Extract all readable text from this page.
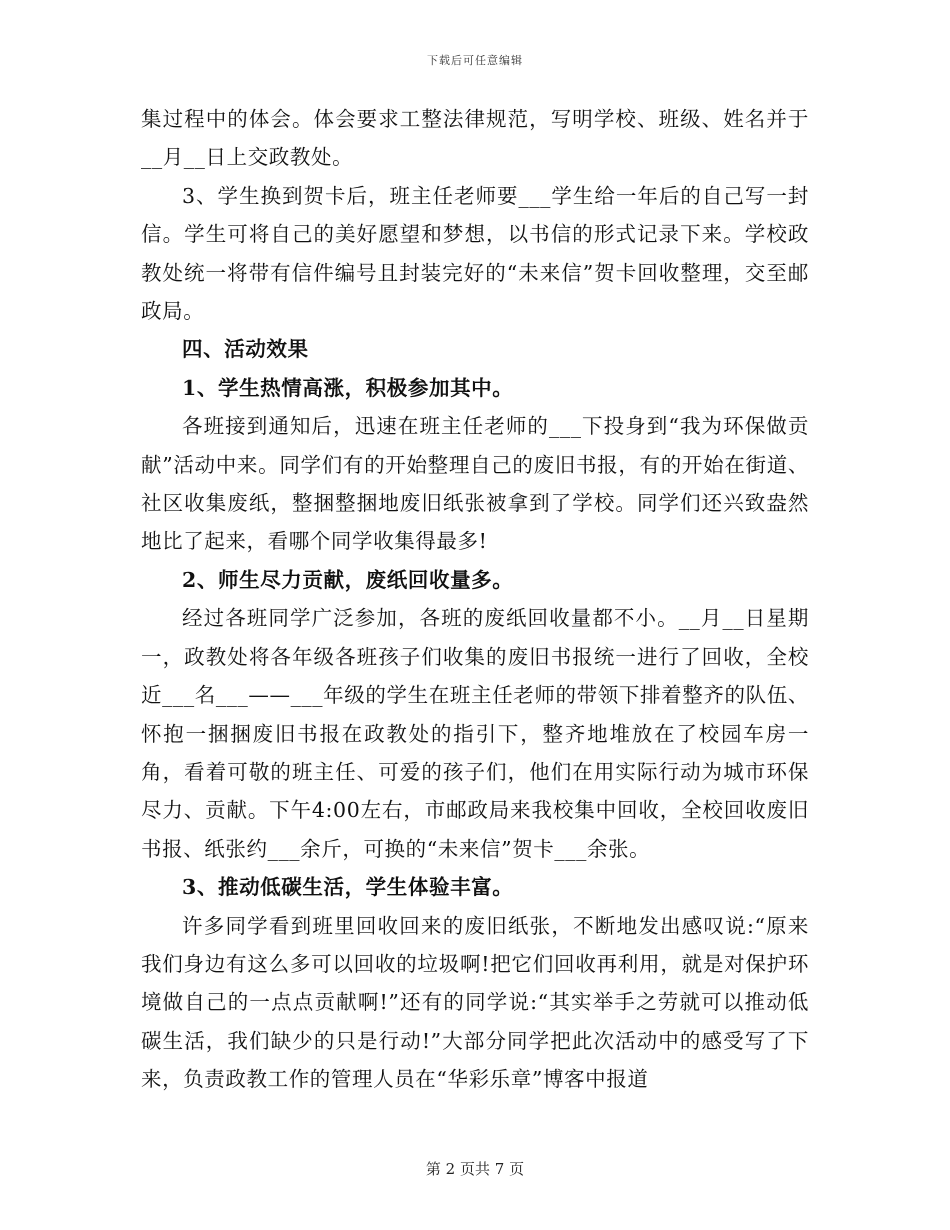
下载后可任意编辑

集过程中的体会。体会要求工整法律规范，写明学校、班级、姓名并于__月__日上交政教处。

3、学生换到贺卡后，班主任老师要___学生给一年后的自己写一封信。学生可将自己的美好愿望和梦想，以书信的形式记录下来。学校政教处统一将带有信件编号且封装完好的“未来信”贺卡回收整理，交至邮政局。

四、活动效果

1、学生热情高涨，积极参加其中。

各班接到通知后，迅速在班主任老师的___下投身到“我为环保做贡献”活动中来。同学们有的开始整理自己的废旧书报，有的开始在街道、社区收集废纸，整捆整捆地废旧纸张被拿到了学校。同学们还兴致盎然地比了起来，看哪个同学收集得最多!

2、师生尽力贡献，废纸回收量多。

经过各班同学广泛参加，各班的废纸回收量都不小。__月__日星期一，政教处将各年级各班孩子们收集的废旧书报统一进行了回收，全校近___名___——___年级的学生在班主任老师的带领下排着整齐的队伍、怀抱一捆捆废旧书报在政教处的指引下，整齐地堆放在了校园车房一角，看着可敬的班主任、可爱的孩子们，他们在用实际行动为城市环保尽力、贡献。下午4:00左右，市邮政局来我校集中回收，全校回收废旧书报、纸张约___余斤，可换的“未来信”贺卡___余张。

3、推动低碳生活，学生体验丰富。

许多同学看到班里回收回来的废旧纸张，不断地发出感叹说:“原来我们身边有这么多可以回收的垃圾啊!把它们回收再利用，就是对保护环境做自己的一点点贡献啊!”还有的同学说:“其实举手之劳就可以推动低碳生活，我们缺少的只是行动!”大部分同学把此次活动中的感受写了下来，负责政教工作的管理人员在“华彩乐章”博客中报道

第 2 页共 7 页
